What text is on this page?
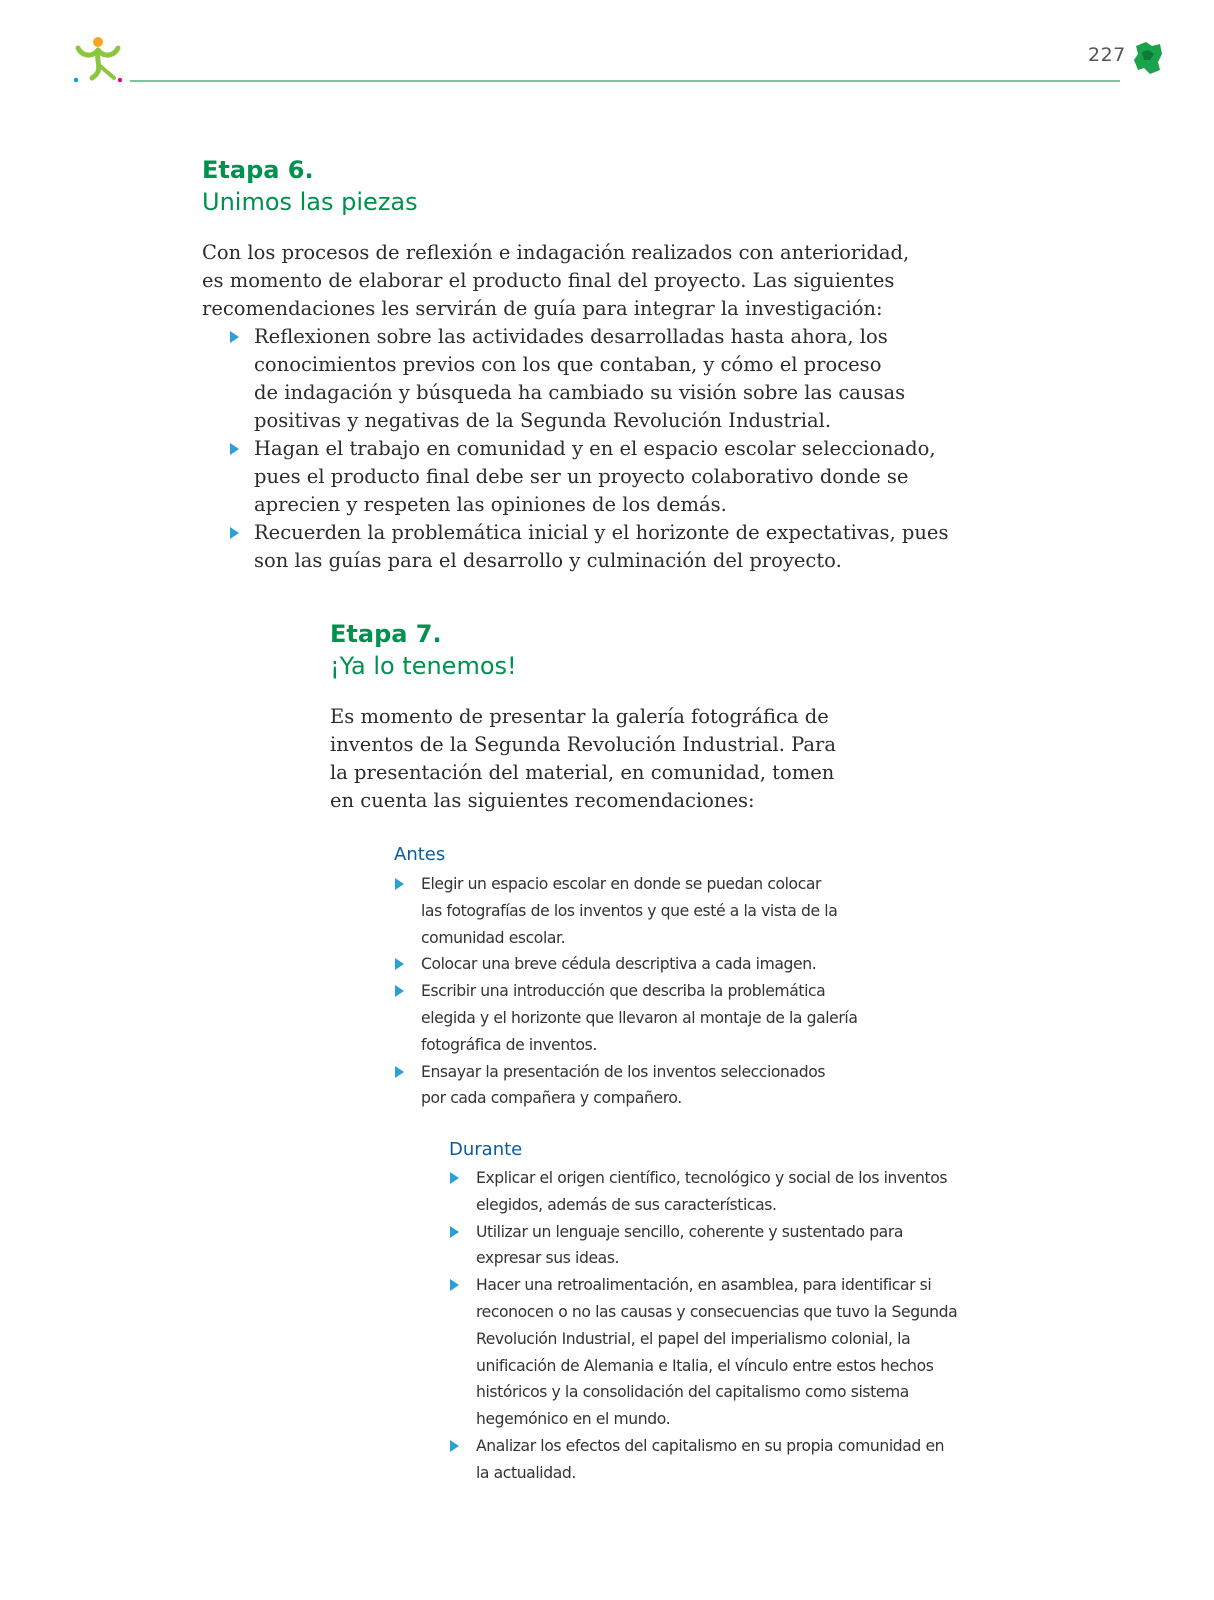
227
Etapa 6.
Unimos las piezas

Con los procesos de reflexión e indagación realizados con anterioridad,
es momento de elaborar el producto final del proyecto. Las siguientes
recomendaciones les servirán de guía para integrar la investigación:

Reflexionen sobre las actividades desarrolladas hasta ahora, los
conocimientos previos con los que contaban, y cómo el proceso
de indagación y búsqueda ha cambiado su visión sobre las causas
positivas y negativas de la Segunda Revolución Industrial.
Hagan el trabajo en comunidad y en el espacio escolar seleccionado,
pues el producto final debe ser un proyecto colaborativo donde se
aprecien y respeten las opiniones de los demás.
Recuerden la problemática inicial y el horizonte de expectativas, pues
son las guías para el desarrollo y culminación del proyecto.
Etapa 7.
¡Ya lo tenemos!

Es momento de presentar la galería fotográfica de
inventos de la Segunda Revolución Industrial. Para
la presentación del material, en comunidad, tomen
en cuenta las siguientes recomendaciones:

Antes
Elegir un espacio escolar en donde se puedan colocar
las fotografías de los inventos y que esté a la vista de la
comunidad escolar.
Colocar una breve cédula descriptiva a cada imagen.
Escribir una introducción que describa la problemática
elegida y el horizonte que llevaron al montaje de la galería
fotográfica de inventos.
Ensayar la presentación de los inventos seleccionados
por cada compañera y compañero.
Durante
Explicar el origen científico, tecnológico y social de los inventos
elegidos, además de sus características.
Utilizar un lenguaje sencillo, coherente y sustentado para
expresar sus ideas.
Hacer una retroalimentación, en asamblea, para identificar si
reconocen o no las causas y consecuencias que tuvo la Segunda
Revolución Industrial, el papel del imperialismo colonial, la
unificación de Alemania e Italia, el vínculo entre estos hechos
históricos y la consolidación del capitalismo como sistema
hegemónico en el mundo.
Analizar los efectos del capitalismo en su propia comunidad en
la actualidad.
